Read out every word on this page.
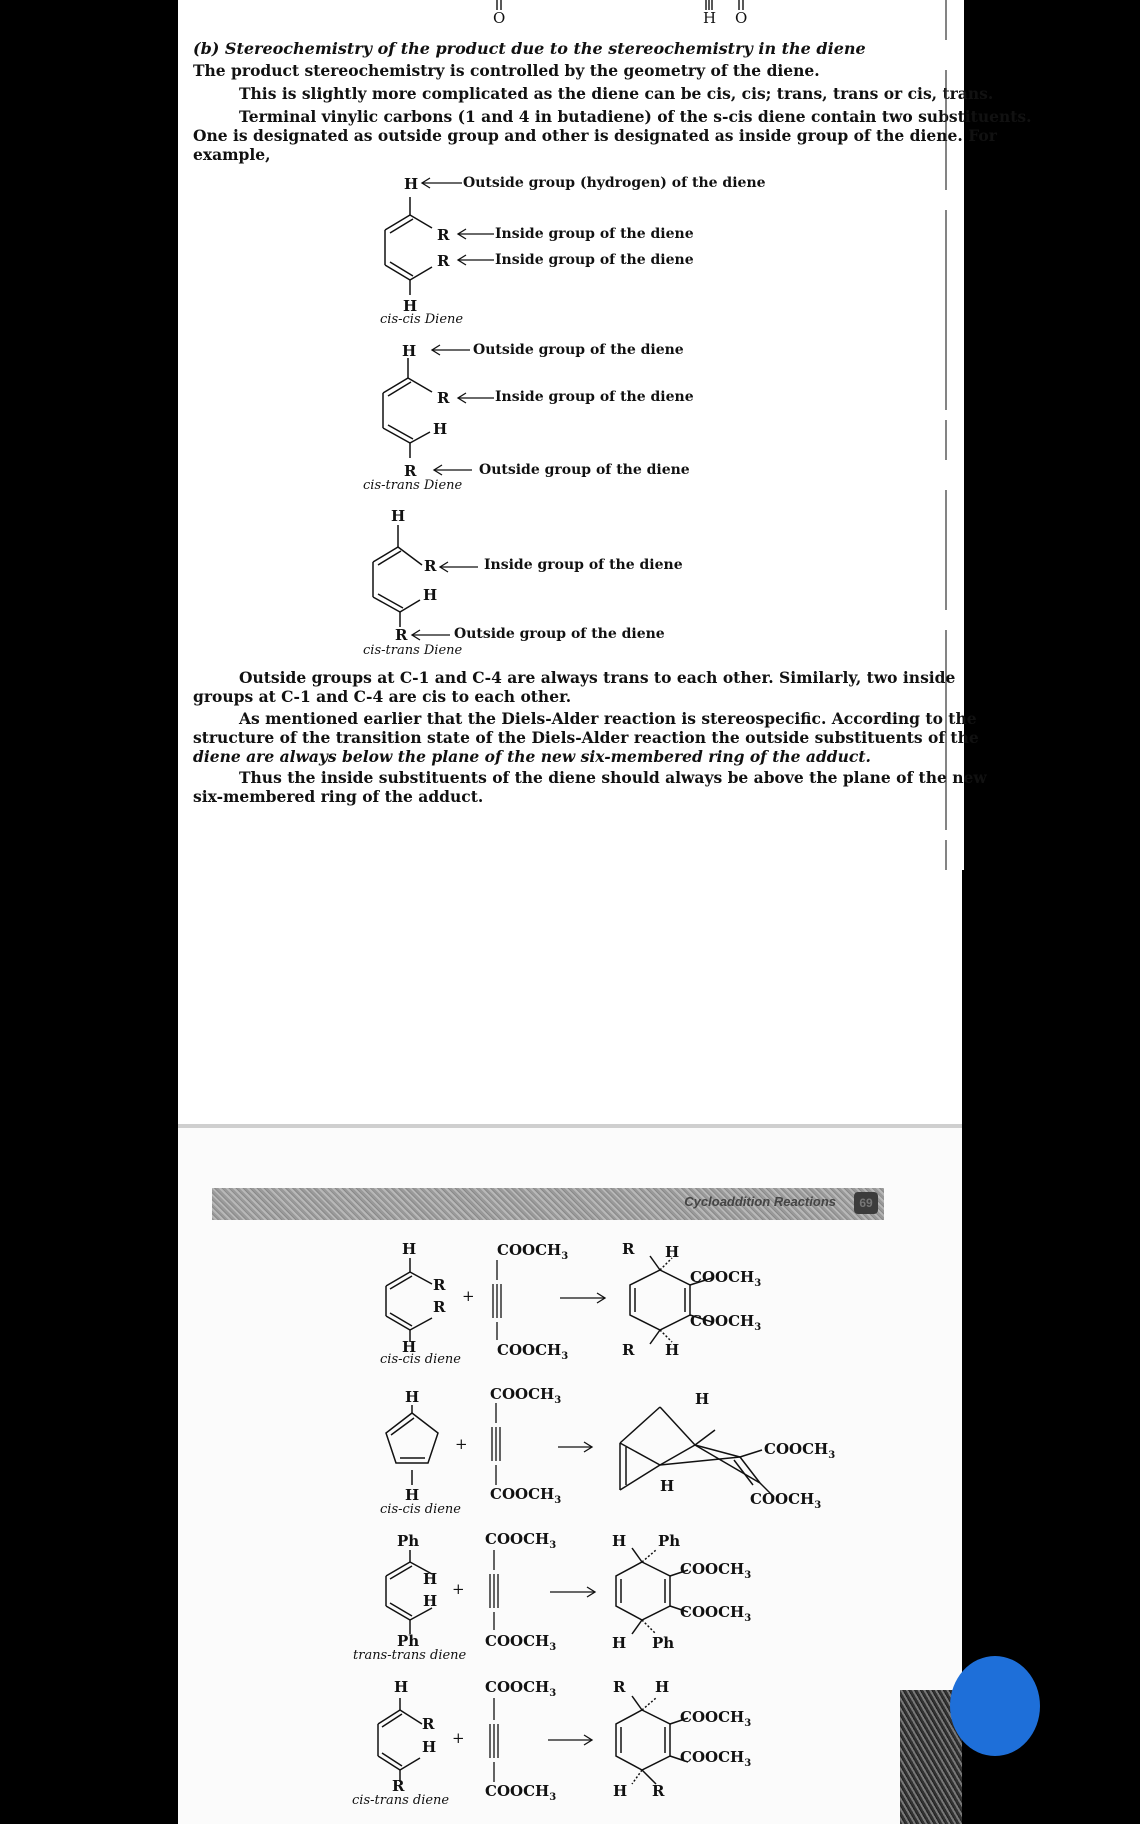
O	H O
(b) Stereochemistry of the product due to the stereochemistry in the diene
The product stereochemistry is controlled by the geometry of the diene.
This is slightly more complicated as the diene can be cis, cis; trans, trans or cis, trans.
Terminal vinylic carbons (1 and 4 in butadiene) of the s-cis diene contain two substituents.
One is designated as outside group and other is designated as inside group of the diene. For
example,
H
R
R
H
Outside group (hydrogen) of the diene
Inside group of the diene
Inside group of the diene
cis-cis Diene
H
R
H
R
Outside group of the diene
Inside group of the diene
Outside group of the diene
cis-trans Diene
H
R
H
R
Inside group of the diene
Outside group of the diene
cis-trans Diene
Outside groups at C-1 and C-4 are always trans to each other. Similarly, two inside
groups at C-1 and C-4 are cis to each other.
As mentioned earlier that the Diels-Alder reaction is stereospecific. According to the
structure of the transition state of the Diels-Alder reaction the outside substituents of the
diene are always below the plane of the new six-membered ring of the adduct.
Thus the inside substituents of the diene should always be above the plane of the new
six-membered ring of the adduct.
Cycloaddition Reactions	69
H
R
R
H
cis-cis diene
+
$COOCH_3$
$COOCH_3$
R H
R H
$COOCH_3$
$COOCH_3$
H
H
cis-cis diene
+
$COOCH_3$
$COOCH_3$
H
H
$COOCH_3$
$COOCH_3$
Ph
H
H
Ph
trans-trans diene
+
$COOCH_3$
$COOCH_3$
H Ph
H Ph
$COOCH_3$
$COOCH_3$
H
R
H
R
cis-trans diene
+
$COOCH_3$
$COOCH_3$
R H
H R
$COOCH_3$
$COOCH_3$
